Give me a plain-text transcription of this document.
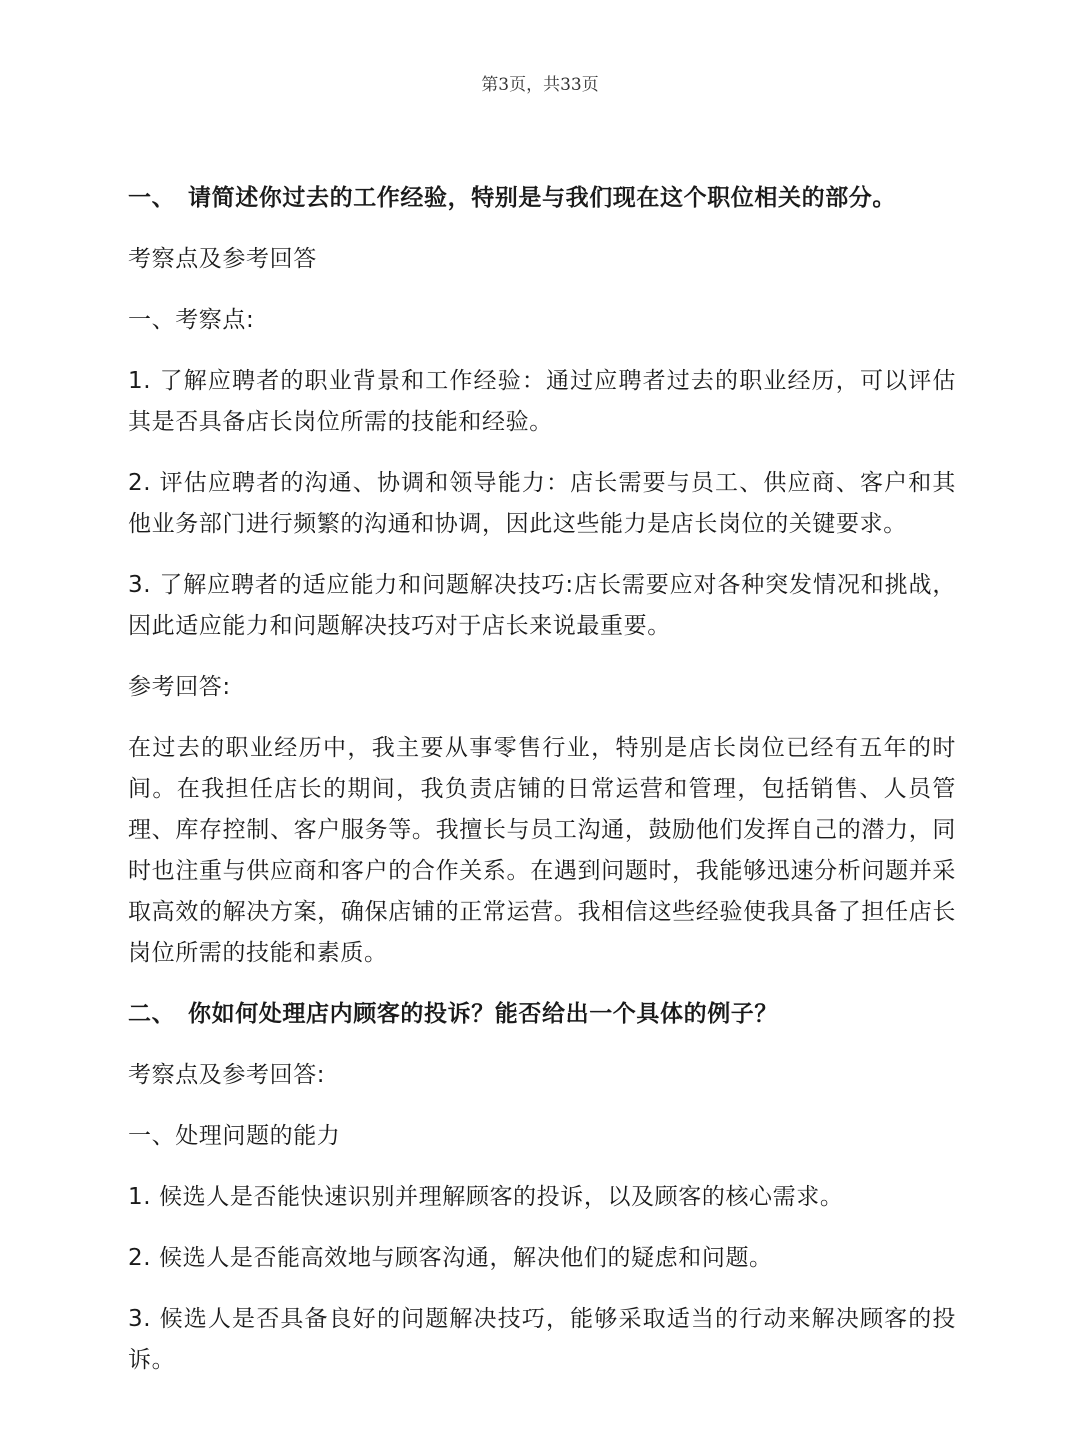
第3页，共33页
一、 请简述你过去的工作经验，特别是与我们现在这个职位相关的部分。
考察点及参考回答
一、考察点:
1. 了解应聘者的职业背景和工作经验：通过应聘者过去的职业经历，可以评估其是否具备店长岗位所需的技能和经验。
2. 评估应聘者的沟通、协调和领导能力：店长需要与员工、供应商、客户和其他业务部门进行频繁的沟通和协调，因此这些能力是店长岗位的关键要求。
3. 了解应聘者的适应能力和问题解决技巧:店长需要应对各种突发情况和挑战，因此适应能力和问题解决技巧对于店长来说最重要。
参考回答:
在过去的职业经历中，我主要从事零售行业，特别是店长岗位已经有五年的时间。在我担任店长的期间，我负责店铺的日常运营和管理，包括销售、人员管理、库存控制、客户服务等。我擅长与员工沟通，鼓励他们发挥自己的潜力，同时也注重与供应商和客户的合作关系。在遇到问题时，我能够迅速分析问题并采取高效的解决方案，确保店铺的正常运营。我相信这些经验使我具备了担任店长岗位所需的技能和素质。
二、 你如何处理店内顾客的投诉？能否给出一个具体的例子？
考察点及参考回答:
一、处理问题的能力
1. 候选人是否能快速识别并理解顾客的投诉，以及顾客的核心需求。
2. 候选人是否能高效地与顾客沟通，解决他们的疑虑和问题。
3. 候选人是否具备良好的问题解决技巧，能够采取适当的行动来解决顾客的投诉。
